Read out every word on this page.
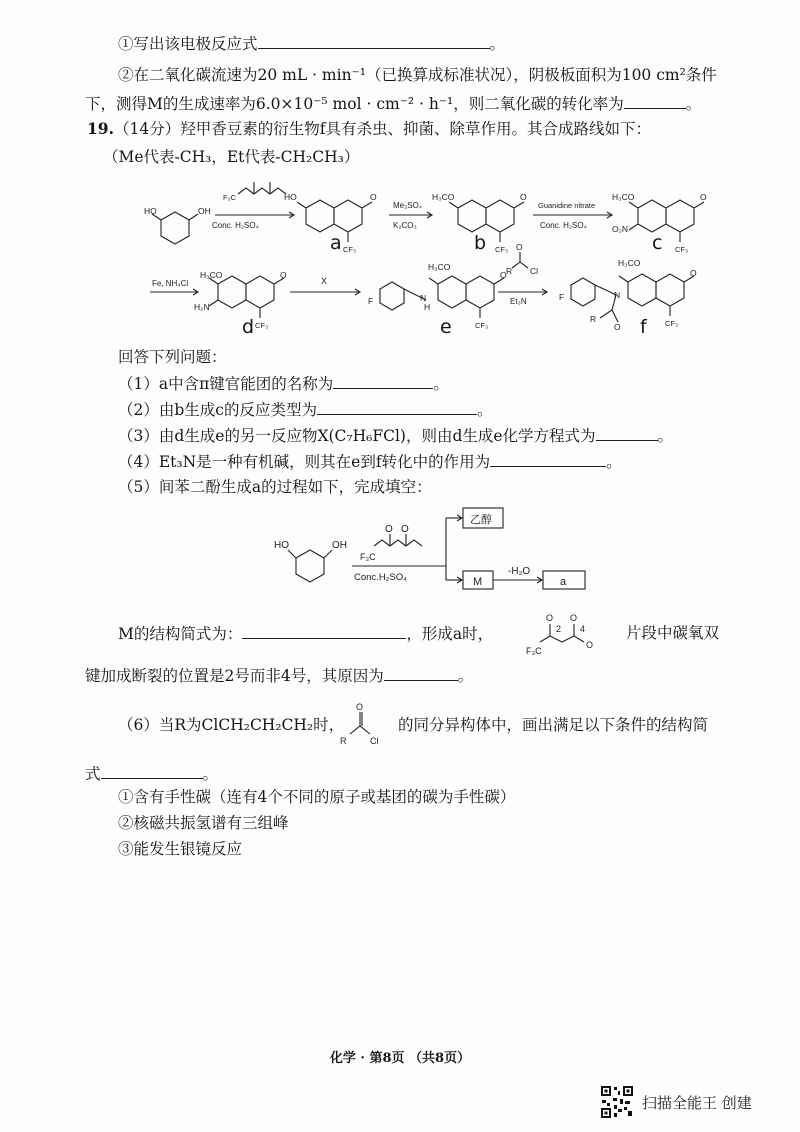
①写出该电极反应式	。
②在二氧化碳流速为20 mL · min⁻¹（已换算成标准状况），阴极板面积为100 cm²条件
下，测得M的生成速率为6.0×10⁻⁵ mol · cm⁻² · h⁻¹，则二氧化碳的转化率为	。
19.（14分）羟甲香豆素的衍生物f具有杀虫、抑菌、除草作用。其合成路线如下：
（Me代表-CH₃，Et代表-CH₂CH₃）
HO	OH
Conc. H₂SO₄
F₃C	HO	O
CF₃
Me₂SO₄
K₂CO₃
H₃CO	O
CF₃
Guanidine nitrate
Conc. H₂SO₄
H₃CO
O₂N
O
CF₃
Fe, NH₄Cl
H₃CO
H₂N
O
CF₃
X
F
H
N
H₃CO
O
CF₃
R
O
Cl
Et₃N	F	N
R
O
H₃CO
O
CF₃
a	b	c
d	e	f
回答下列问题：
（1）a中含π键官能团的名称为	。
（2）由b生成c的反应类型为	。
（3）由d生成e的另一反应物X(C₇H₆FCl)，则由d生成e化学方程式为	。
（4）Et₃N是一种有机碱，则其在e到f转化中的作用为	。
（5）间苯二酚生成a的过程如下，完成填空：
HO	OH
O O
F₃C
Conc.H₂SO₄
乙醇
M
-H₂O
a
M的结构简式为：	，形成a时，
O O
2 4
F₃C
O
片段中碳氧双
键加成断裂的位置是2号而非4号，其原因为	。
（6）当R为ClCH₂CH₂CH₂时，
O
R	Cl
的同分异构体中，画出满足以下条件的结构简
式	。
①含有手性碳（连有4个不同的原子或基团的碳为手性碳）
②核磁共振氢谱有三组峰
③能发生银镜反应
化学 · 第8页 （共8页）
扫描全能王 创建
